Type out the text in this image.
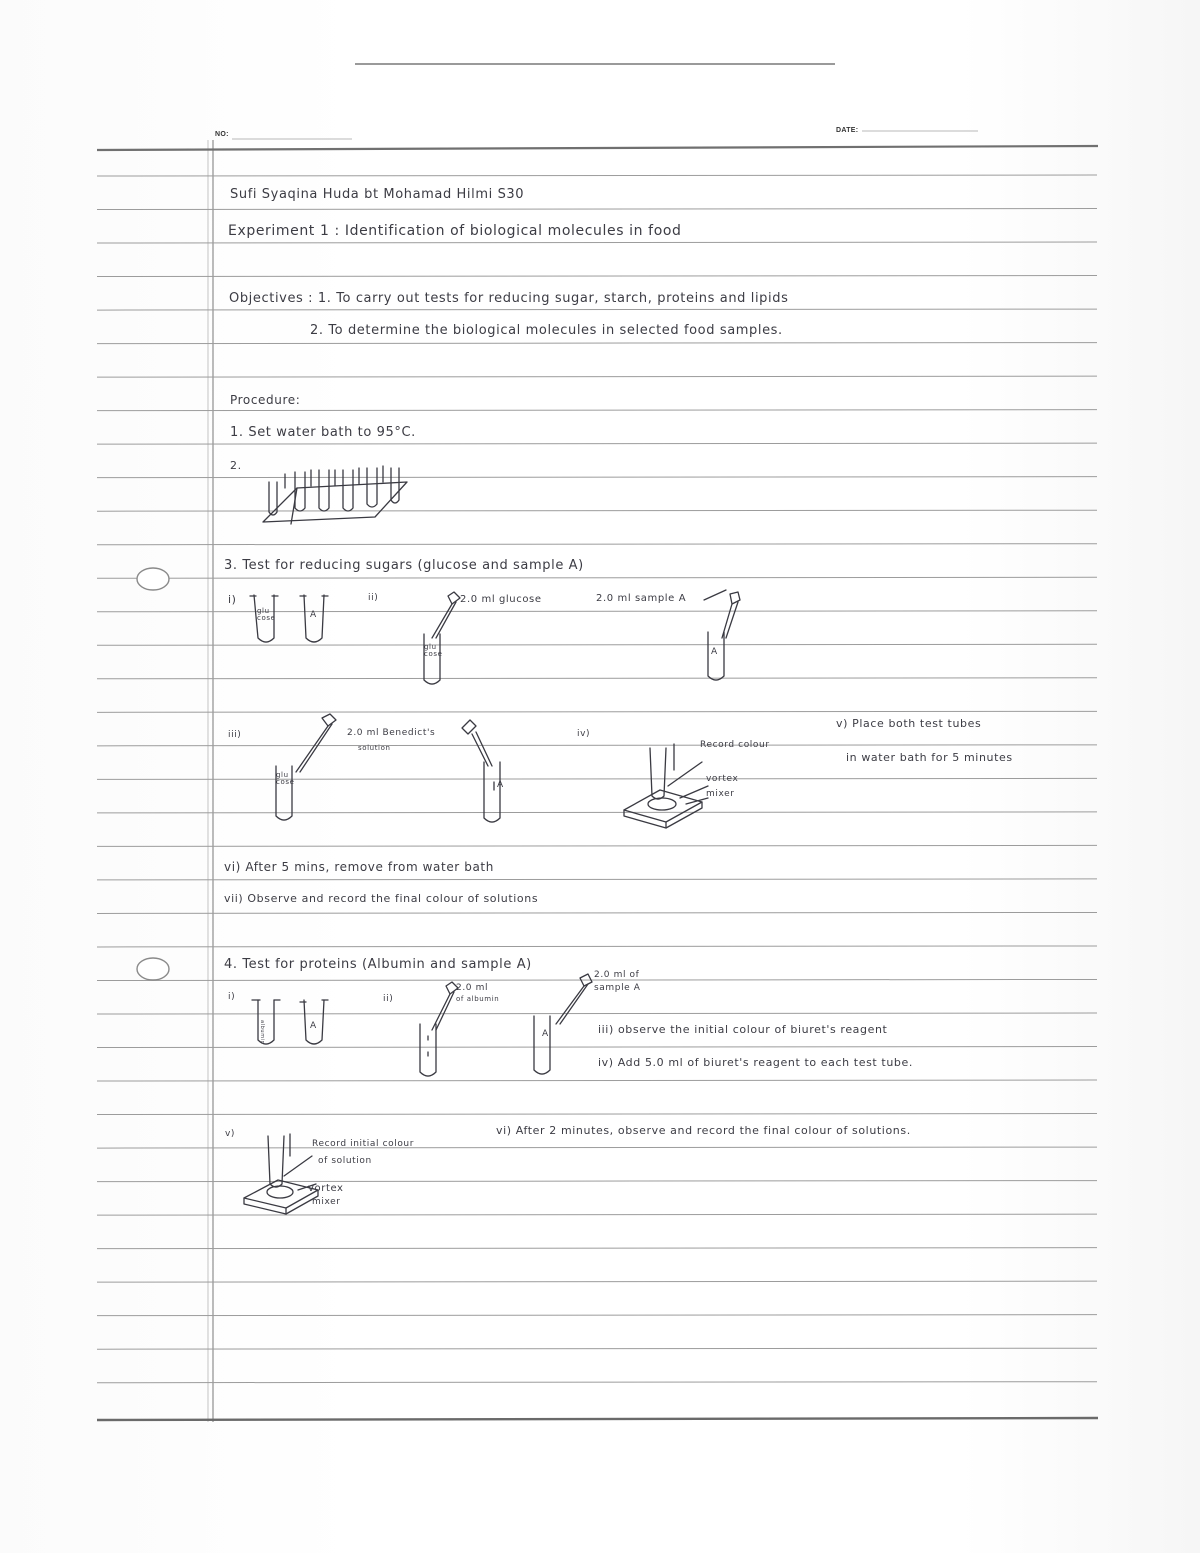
NO:
DATE:
Sufi Syaqina Huda bt Mohamad Hilmi S30
Experiment 1 : Identification of biological molecules in food
Objectives : 1. To carry out tests for reducing sugar, starch, proteins and lipids
2. To determine the biological molecules in selected food samples.
Procedure:
1. Set water bath to 95°C.
2.
3. Test for reducing sugars (glucose and sample A)
i)
glu cose	A
ii)
glu cose
2.0 ml glucose	2.0 ml sample A
A
iii)
glu cose
2.0 ml Benedict's
solution
A
iv)
Record colour
vortex
mixer
v) Place both test tubes
in water bath for 5 minutes
vi) After 5 mins, remove from water bath
vii) Observe and record the final colour of solutions
4. Test for proteins (Albumin and sample A)
i)
albumin	A
ii)
2.0 ml
of albumin
A
2.0 ml of
sample A
iii) observe the initial colour of biuret's reagent
iv) Add 5.0 ml of biuret's reagent to each test tube.
v)
Record initial colour
of solution
vortex
mixer
vi) After 2 minutes, observe and record the final colour of solutions.
